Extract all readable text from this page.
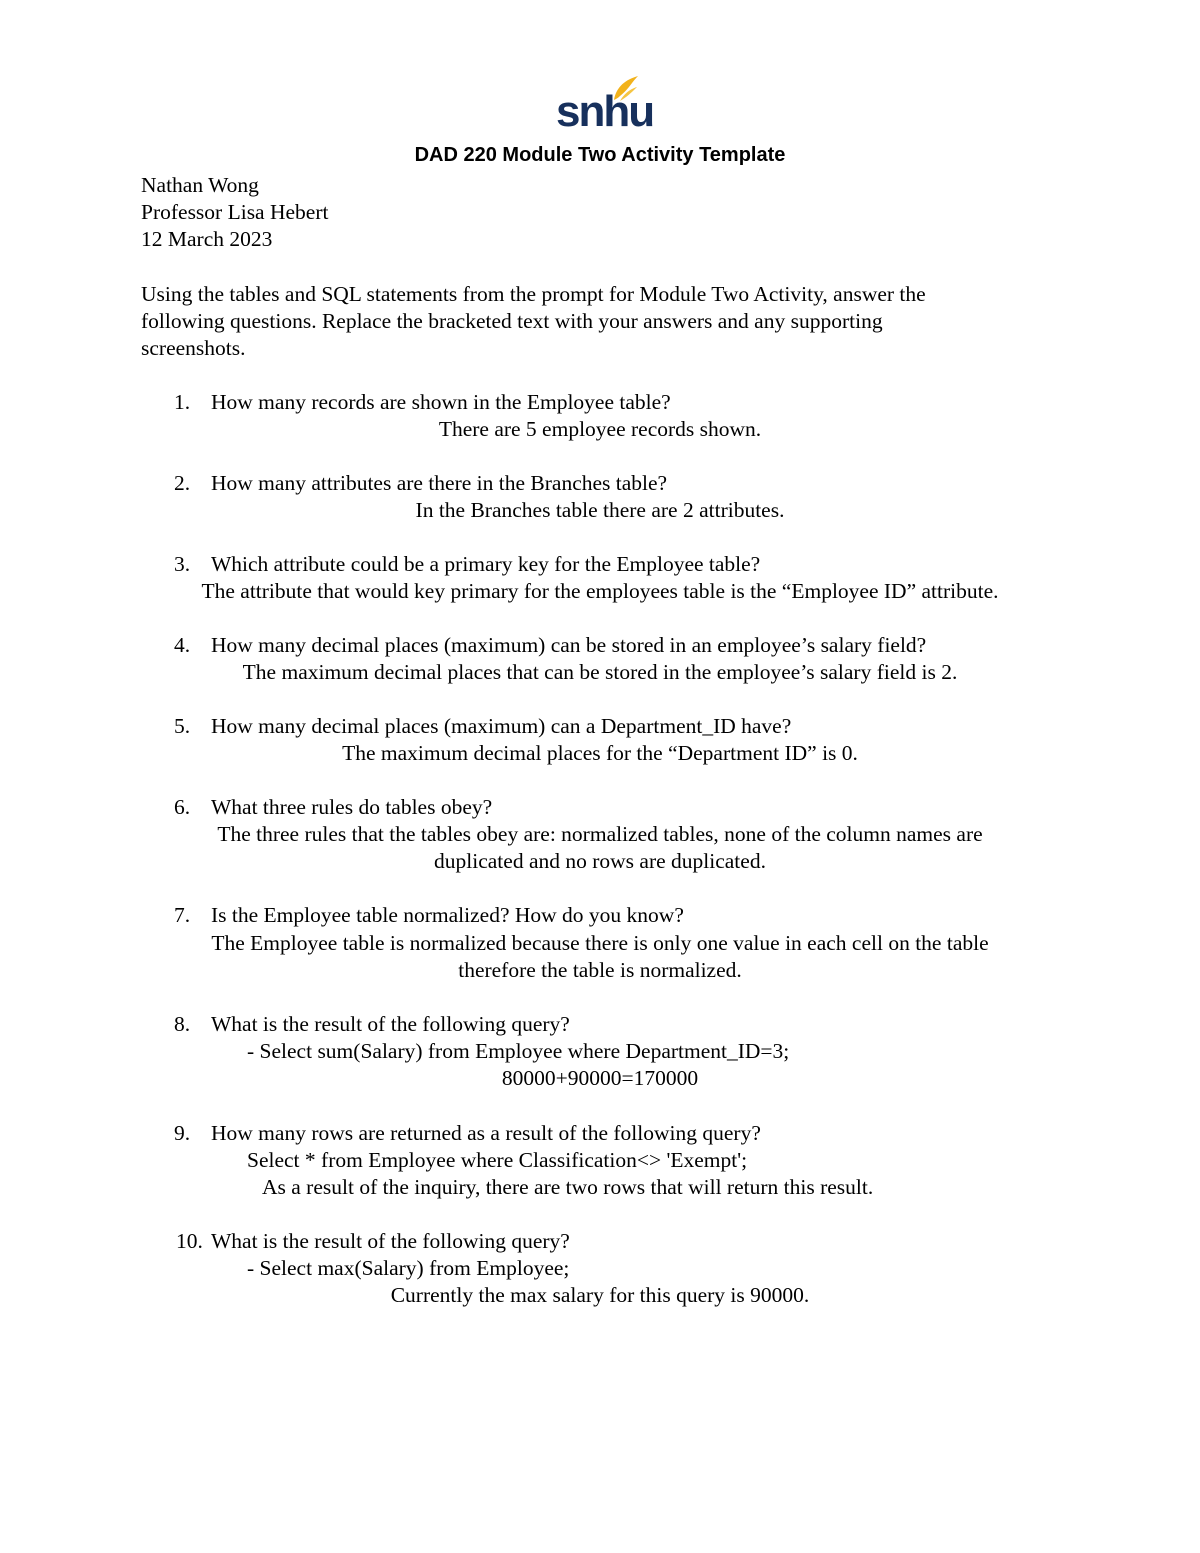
snhu
DAD 220 Module Two Activity Template
Nathan Wong
Professor Lisa Hebert
12 March 2023
Using the tables and SQL statements from the prompt for Module Two Activity, answer the
following questions. Replace the bracketed text with your answers and any supporting
screenshots.
1. How many records are shown in the Employee table?
There are 5 employee records shown.
2. How many attributes are there in the Branches table?
In the Branches table there are 2 attributes.
3. Which attribute could be a primary key for the Employee table?
The attribute that would key primary for the employees table is the “Employee ID” attribute.
4. How many decimal places (maximum) can be stored in an employee’s salary field?
The maximum decimal places that can be stored in the employee’s salary field is 2.
5. How many decimal places (maximum) can a Department_ID have?
The maximum decimal places for the “Department ID” is 0.
6. What three rules do tables obey?
The three rules that the tables obey are: normalized tables, none of the column names are
duplicated and no rows are duplicated.
7. Is the Employee table normalized? How do you know?
The Employee table is normalized because there is only one value in each cell on the table
therefore the table is normalized.
8. What is the result of the following query?
- Select sum(Salary) from Employee where Department_ID=3;
80000+90000=170000
9. How many rows are returned as a result of the following query?
Select * from Employee where Classification<> 'Exempt';
As a result of the inquiry, there are two rows that will return this result.
10. What is the result of the following query?
- Select max(Salary) from Employee;
Currently the max salary for this query is 90000.
